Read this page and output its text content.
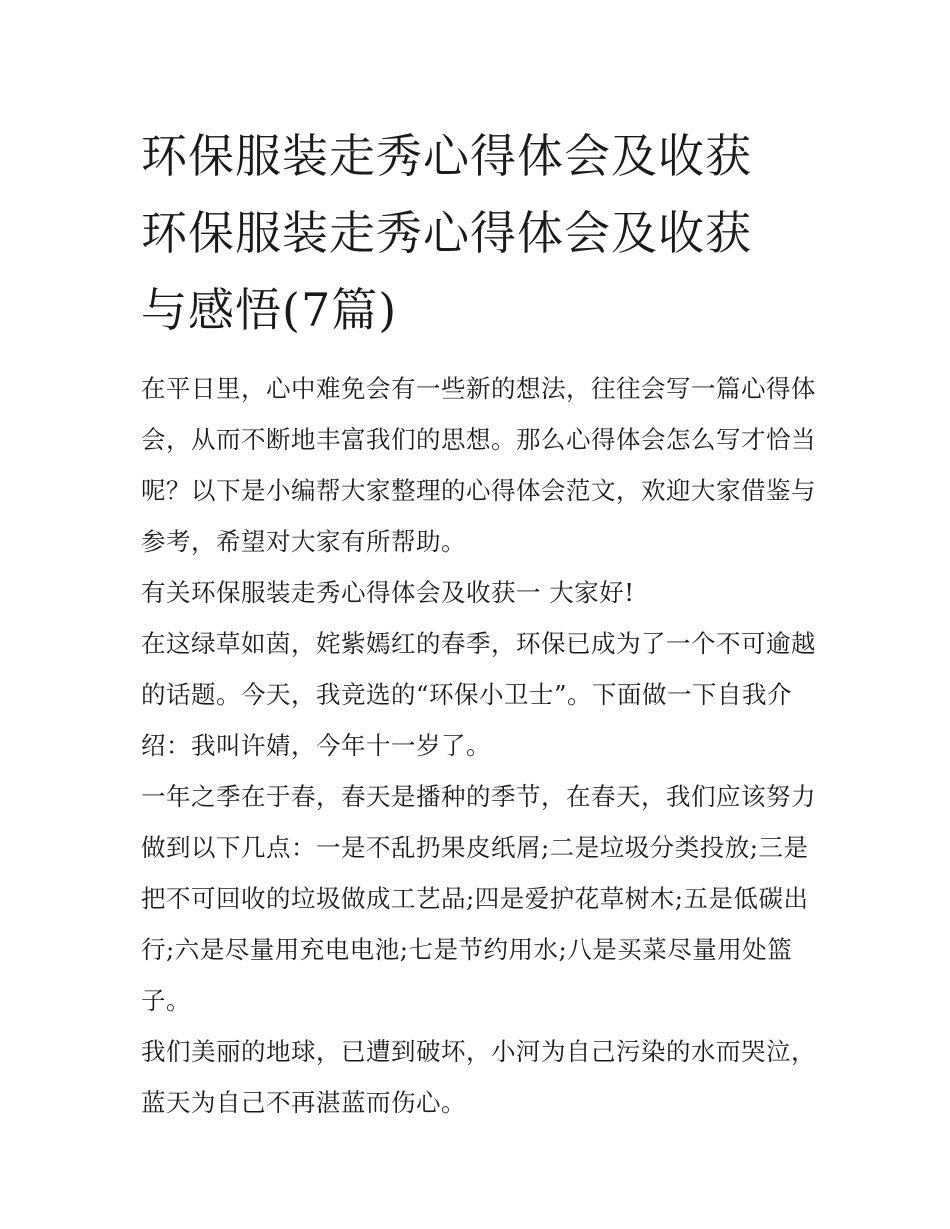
环保服装走秀心得体会及收获
环保服装走秀心得体会及收获
与感悟(7篇)

在平日里，心中难免会有一些新的想法，往往会写一篇心得体会，从而不断地丰富我们的思想。那么心得体会怎么写才恰当呢？以下是小编帮大家整理的心得体会范文，欢迎大家借鉴与参考，希望对大家有所帮助。

有关环保服装走秀心得体会及收获一 大家好!

在这绿草如茵，姹紫嫣红的春季，环保已成为了一个不可逾越的话题。今天，我竞选的“环保小卫士”。下面做一下自我介绍：我叫许婧，今年十一岁了。

一年之季在于春，春天是播种的季节，在春天，我们应该努力做到以下几点：一是不乱扔果皮纸屑;二是垃圾分类投放;三是把不可回收的垃圾做成工艺品;四是爱护花草树木;五是低碳出行;六是尽量用充电电池;七是节约用水;八是买菜尽量用处篮子。

我们美丽的地球，已遭到破坏，小河为自己污染的水而哭泣，蓝天为自己不再湛蓝而伤心。
